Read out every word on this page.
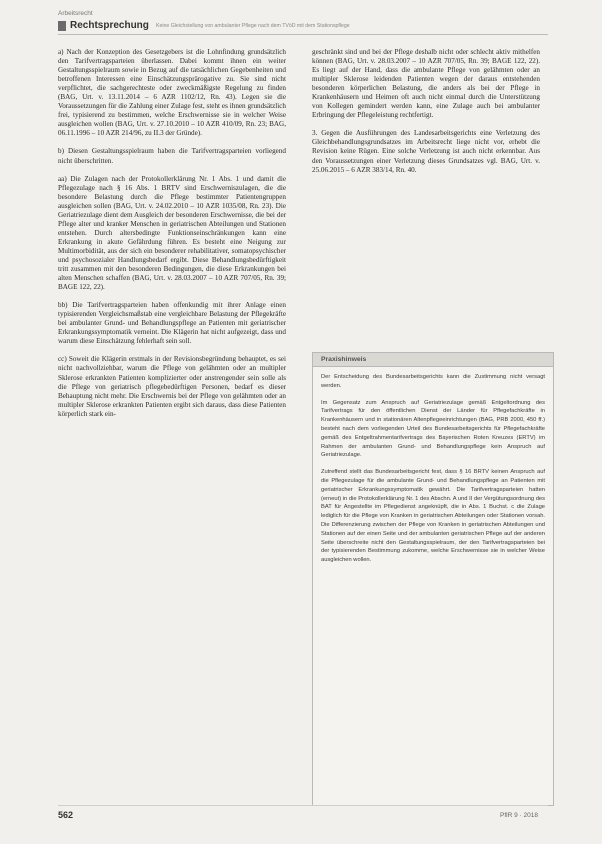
Arbeitsrecht
Rechtsprechung Keine Gleichstellung von ambulanter Pflege nach dem TVöD mit dem Stationspflege

a) Nach der Konzeption des Gesetzgebers ist die Lohnfindung grundsätzlich den Tarifvertragsparteien überlassen. Dabei kommt ihnen ein weiter Gestaltungsspielraum sowie in Bezug auf die tatsächlichen Gegebenheiten und betroffenen Interessen eine Einschätzungsprärogative zu. Sie sind nicht verpflichtet, die sachgerechteste oder zweckmäßigste Regelung zu finden (BAG, Urt. v. 13.11.2014 – 6 AZR 1102/12, Rn. 43). Legen sie die Voraussetzungen für die Zahlung einer Zulage fest, steht es ihnen grundsätzlich frei, typisierend zu bestimmen, welche Erschwernisse sie in welcher Weise ausgleichen wollen (BAG, Urt. v. 27.10.2010 – 10 AZR 410/09, Rn. 23; BAG, 06.11.1996 – 10 AZR 214/96, zu II.3 der Gründe).

b) Diesen Gestaltungsspielraum haben die Tarifvertragsparteien vorliegend nicht überschritten.

aa) Die Zulagen nach der Protokollerklärung Nr. 1 Abs. 1 und damit die Pflegezulage nach § 16 Abs. 1 BRTV sind Erschwerniszulagen, die die besondere Belastung durch die Pflege bestimmter Patientengruppen ausgleichen sollen (BAG, Urt. v. 24.02.2010 – 10 AZR 1035/08, Rn. 23). Die Geriatriezulage dient dem Ausgleich der besonderen Erschwernisse, die bei der Pflege alter und kranker Menschen in geriatrischen Abteilungen und Stationen entstehen. Durch altersbedingte Funktionseinschränkungen kann eine Erkrankung in akute Gefährdung führen. Es besteht eine Neigung zur Multimorbidität, aus der sich ein besonderer rehabilitativer, somatopsychischer und psychosozialer Handlungsbedarf ergibt. Diese Behandlungsbedürftigkeit tritt zusammen mit den besonderen Bedingungen, die diese Erkrankungen bei alten Menschen schaffen (BAG, Urt. v. 28.03.2007 – 10 AZR 707/05, Rn. 39; BAGE 122, 22).

bb) Die Tarifvertragsparteien haben offenkundig mit ihrer Anlage einen typisierenden Vergleichsmaßstab eine vergleichbare Belastung der Pflegekräfte bei ambulanter Grund- und Behandlungspflege an Patienten mit geriatrischer Erkrankungssymptomatik verneint. Die Klägerin hat nicht aufgezeigt, dass und warum diese Einschätzung fehlerhaft sein soll.

cc) Soweit die Klägerin erstmals in der Revisionsbegründung behauptet, es sei nicht nachvollziehbar, warum die Pflege von gelähmten oder an multipler Sklerose erkrankten Patienten komplizierter oder anstrengender sein solle als die Pflege von geriatrisch pflegebedürftigen Personen, bedarf es dieser Behauptung nicht mehr. Die Erschwernis bei der Pflege von gelähmten oder an multipler Sklerose erkrankten Patienten ergibt sich daraus, dass diese Patienten körperlich stark ein-

geschränkt sind und bei der Pflege deshalb nicht oder schlecht aktiv mithelfen können (BAG, Urt. v. 28.03.2007 – 10 AZR 707/05, Rn. 39; BAGE 122, 22). Es liegt auf der Hand, dass die ambulante Pflege von gelähmten oder an multipler Sklerose leidenden Patienten wegen der daraus entstehenden besonderen körperlichen Belastung, die anders als bei der Pflege in Krankenhäusern und Heimen oft auch nicht einmal durch die Unterstützung von Kollegen gemindert werden kann, eine Zulage auch bei ambulanter Erbringung der Pflegeleistung rechtfertigt.

3. Gegen die Ausführungen des Landesarbeitsgerichts eine Verletzung des Gleichbehandlungsgrundsatzes im Arbeitsrecht liege nicht vor, erhebt die Revision keine Rügen. Eine solche Verletzung ist auch nicht erkennbar. Aus den Voraussetzungen einer Verletzung dieses Grundsatzes vgl. BAG, Urt. v. 25.06.2015 – 6 AZR 383/14, Rn. 40.

Praxishinweis

Der Entscheidung des Bundesarbeitsgerichts kann die Zustimmung nicht versagt werden.

Im Gegensatz zum Anspruch auf Geriatriezulage gemäß Entgeltordnung des Tarifvertrags für den öffentlichen Dienst der Länder für Pflegefachkräfte in Krankenhäusern und in stationären Altenpflegeeinrichtungen (BAG, PRB 2000, 450 ff.) besteht nach dem vorliegenden Urteil des Bundesarbeitsgerichts für Pflegefachkräfte gemäß des Entgeltrahmentarifvertrags des Bayerischen Roten Kreuzes (ERTV) im Rahmen der ambulanten Grund- und Behandlungspflege kein Anspruch auf Geriatriezulage.

Zutreffend stellt das Bundesarbeitsgericht fest, dass § 16 BRTV keinen Anspruch auf die Pflegezulage für die ambulante Grund- und Behandlungspflege an Patienten mit geriatrischer Erkrankungssymptomatik gewährt. Die Tarifvertragsparteien hatten (erneut) in die Protokollerklärung Nr. 1 des Abschn. A und II der Vergütungsordnung des BAT für Angestellte im Pflegedienst angeknüpft, die in Abs. 1 Buchst. c die Zulage lediglich für die Pflege von Kranken in geriatrischen Abteilungen oder Stationen vorsah. Die Differenzierung zwischen der Pflege von Kranken in geriatrischen Abteilungen und Stationen auf der einen Seite und der ambulanten geriatrischen Pflege auf der anderen Seite überschreite nicht den Gestaltungsspielraum, der den Tarifvertragsparteien bei der typisierenden Bestimmung zukomme, welche Erschwernisse sie in welcher Weise ausgleichen wollen.

562	PflR 9 · 2018
